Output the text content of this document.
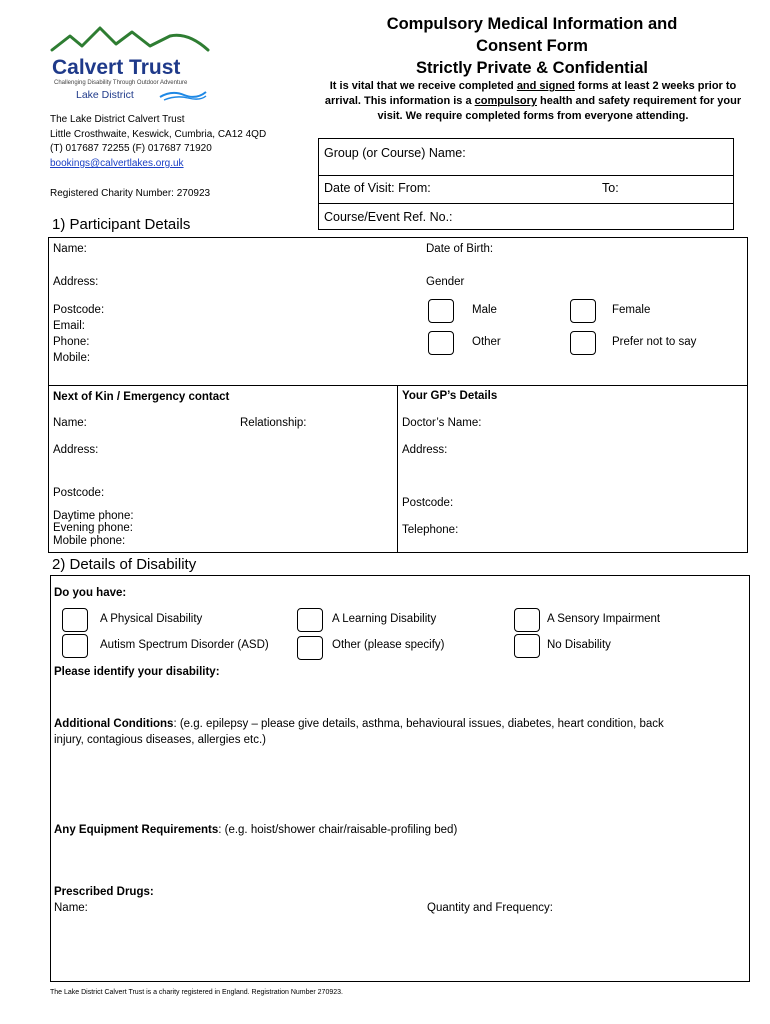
Calvert Trust
Challenging Disability Through Outdoor Adventure
Lake District
The Lake District Calvert Trust
Little Crosthwaite, Keswick, Cumbria, CA12 4QD
(T) 017687 72255 (F) 017687 71920
bookings@calvertlakes.org.uk
Registered Charity Number: 270923
Compulsory Medical Information and
Consent Form
Strictly Private & Confidential
It is vital that we receive completed and signed forms at least 2 weeks prior to arrival. This information is a compulsory health and safety requirement for your visit. We require completed forms from everyone attending.
Group (or Course) Name:
Date of Visit: From:	To:
Course/Event Ref. No.:
1) Participant Details
Name:	Date of Birth:
Address:	Gender
Postcode:
Email:
Phone:
Mobile:
Male	Female
Other	Prefer not to say
Next of Kin / Emergency contact
Name:	Relationship:
Address:
Postcode:
Daytime phone:
Evening phone:
Mobile phone:
Your GP’s Details
Doctor’s Name:
Address:
Postcode:
Telephone:
2) Details of Disability
Do you have:
A Physical Disability	A Learning Disability	A Sensory Impairment
Autism Spectrum Disorder (ASD)	Other (please specify)	No Disability
Please identify your disability:
Additional Conditions: (e.g. epilepsy – please give details, asthma, behavioural issues, diabetes, heart condition, back
injury, contagious diseases, allergies etc.)
Any Equipment Requirements: (e.g. hoist/shower chair/raisable-profiling bed)
Prescribed Drugs:
Name:	Quantity and Frequency:
The Lake District Calvert Trust is a charity registered in England. Registration Number 270923.
